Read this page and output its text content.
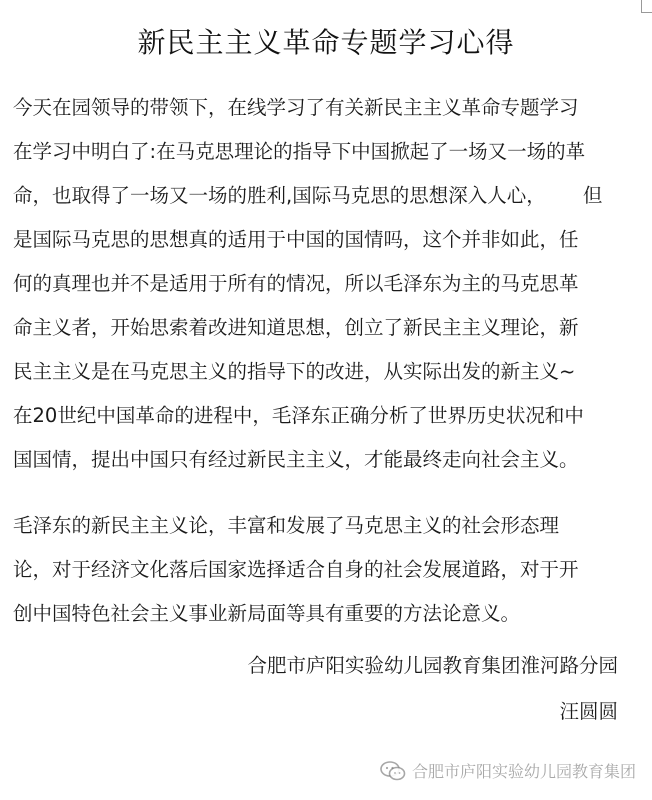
新民主主义革命专题学习心得
今天在园领导的带领下，在线学习了有关新民主主义革命专题学习
在学习中明白了:在马克思理论的指导下中国掀起了一场又一场的革
命，也取得了一场又一场的胜利,国际马克思的思想深入人心，      但
是国际马克思的思想真的适用于中国的国情吗，这个并非如此，任
何的真理也并不是适用于所有的情况，所以毛泽东为主的马克思革
命主义者，开始思索着改进知道思想，创立了新民主主义理论，新
民主主义是在马克思主义的指导下的改进，从实际出发的新主义~
在20世纪中国革命的进程中，毛泽东正确分析了世界历史状况和中
国国情，提出中国只有经过新民主主义，才能最终走向社会主义。
毛泽东的新民主主义论，丰富和发展了马克思主义的社会形态理
论，对于经济文化落后国家选择适合自身的社会发展道路，对于开
创中国特色社会主义事业新局面等具有重要的方法论意义。
合肥市庐阳实验幼儿园教育集团淮河路分园
汪圆圆
合肥市庐阳实验幼儿园教育集团
